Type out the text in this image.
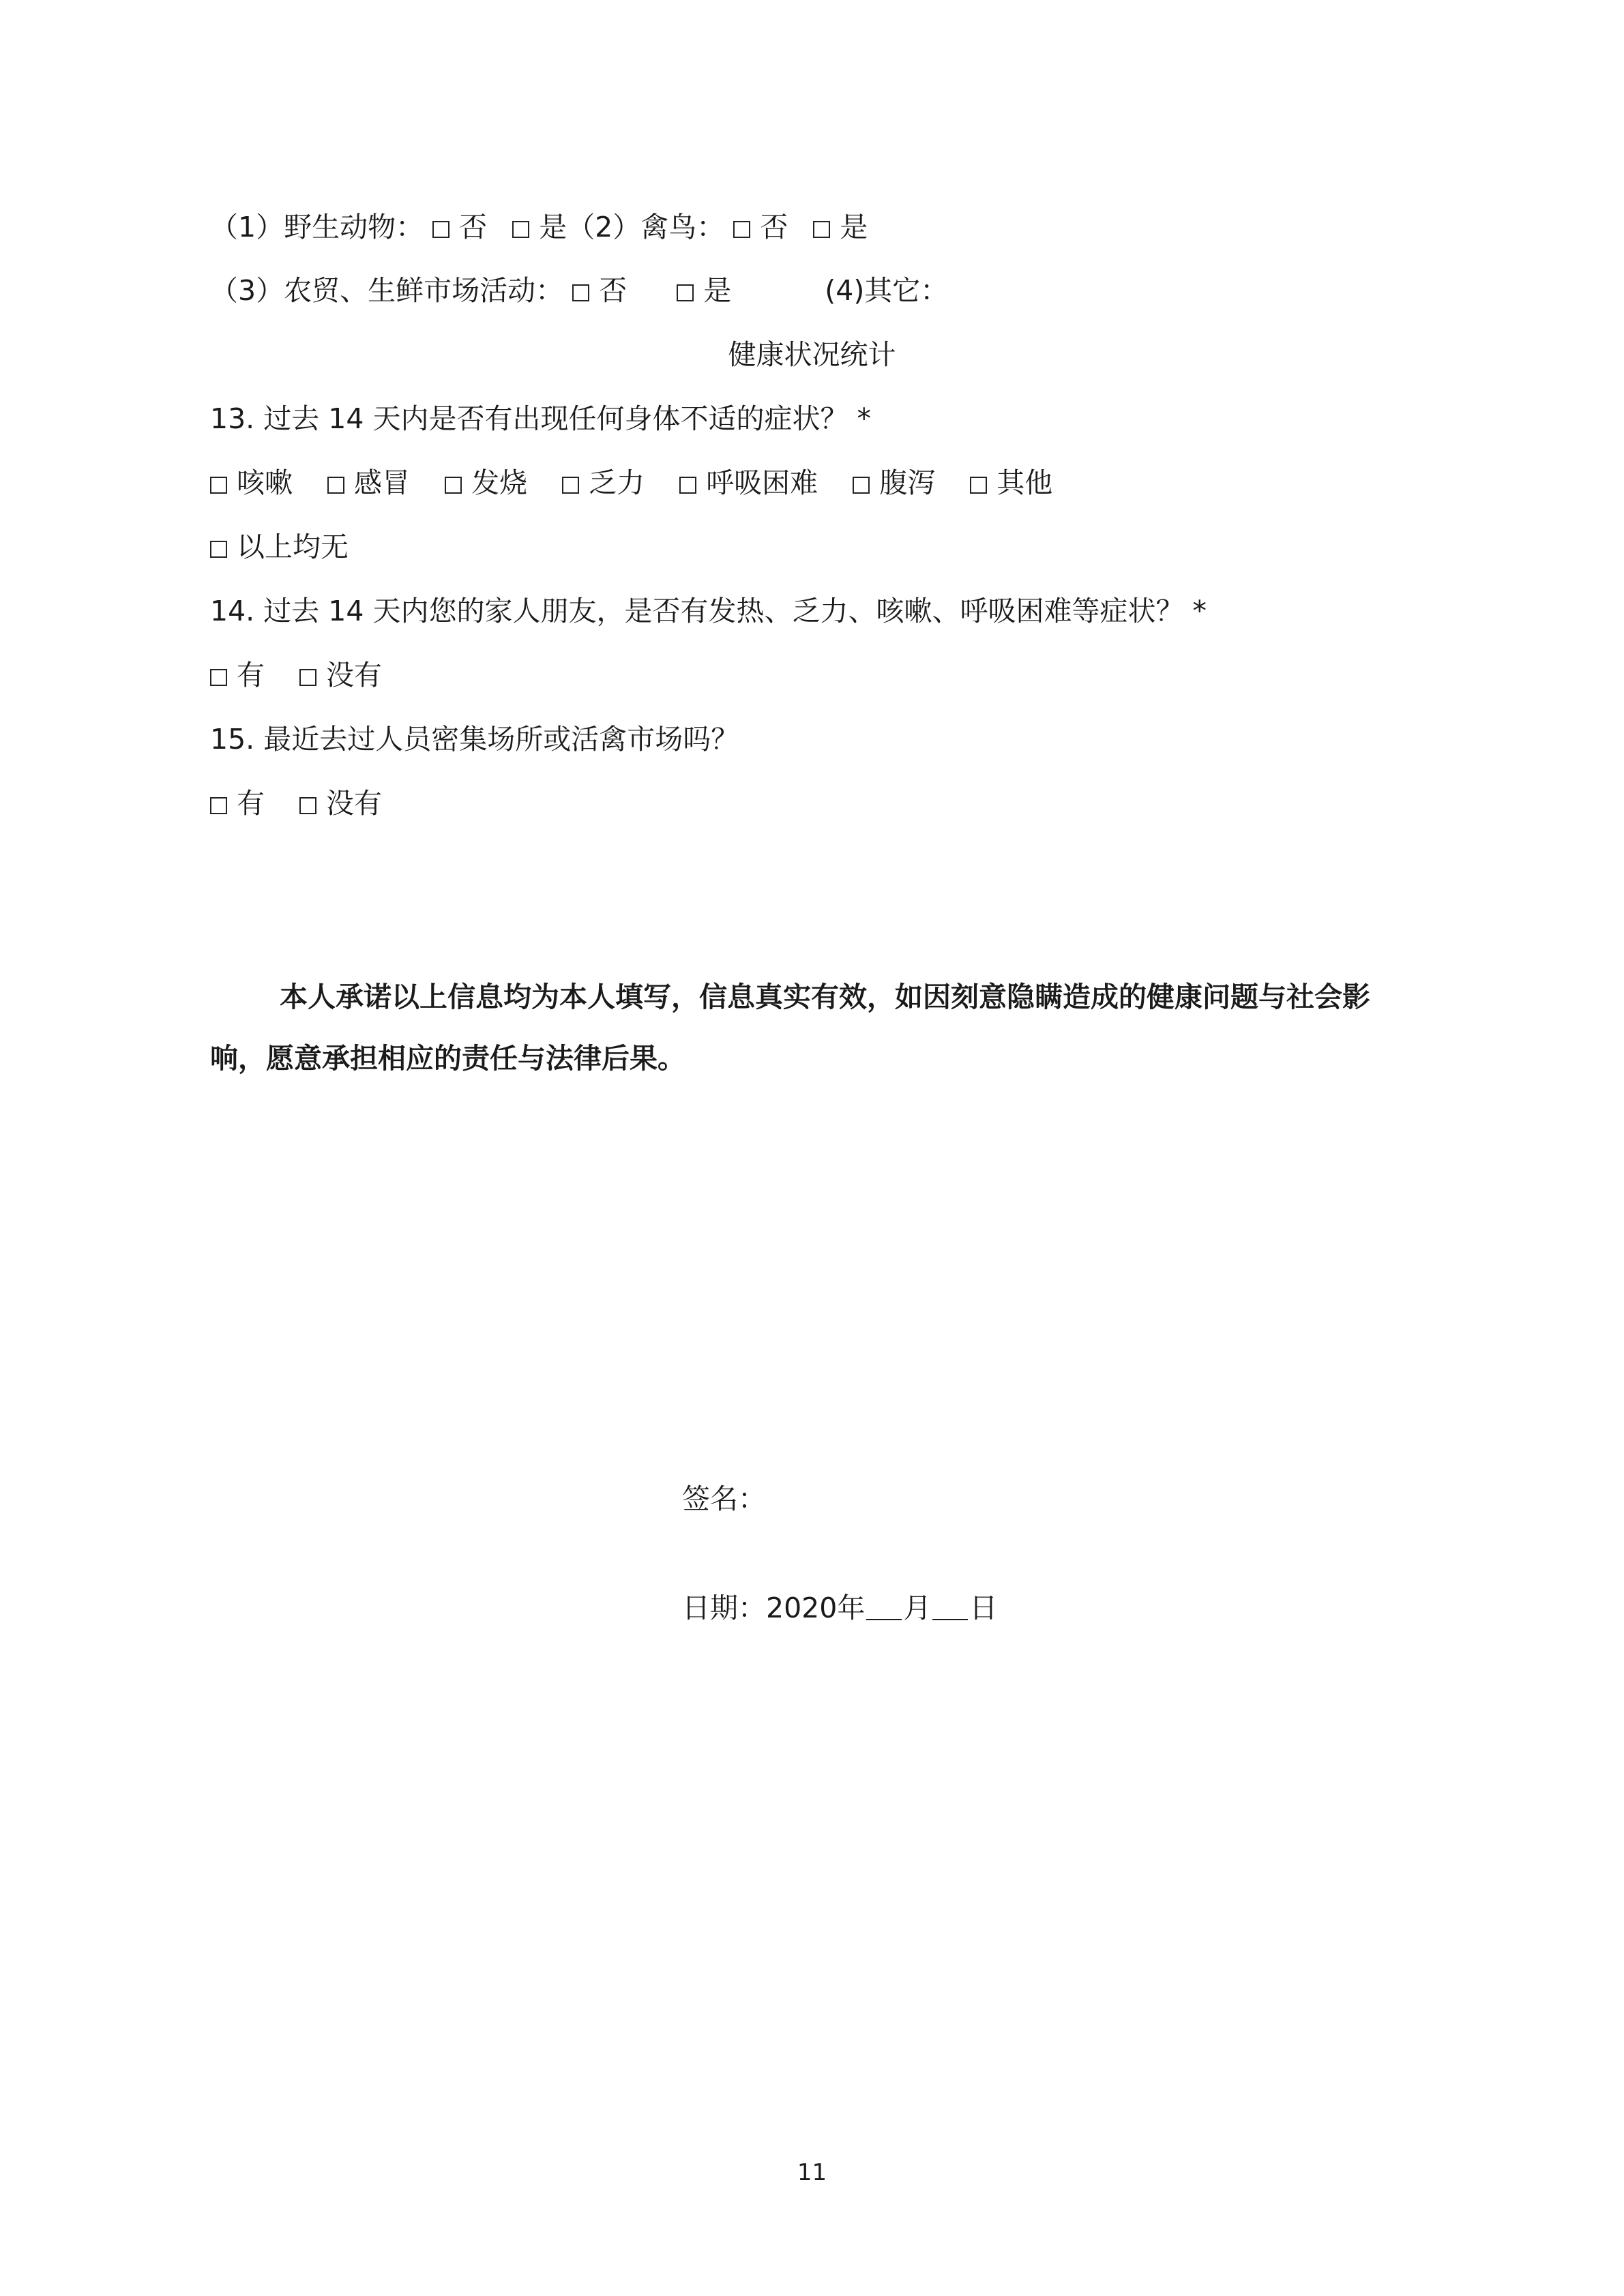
（1）野生动物： 否 是（2）禽鸟： 否 是
（3）农贸、生鲜市场活动： 否	是	(4)其它：
健康状况统计
13. 过去 14 天内是否有出现任何身体不适的症状？ *
咳嗽 感冒 发烧 乏力 呼吸困难 腹泻 其他
以上均无
14. 过去 14 天内您的家人朋友，是否有发热、乏力、咳嗽、呼吸困难等症状？ *
有 没有
15. 最近去过人员密集场所或活禽市场吗？
有 没有
本人承诺以上信息均为本人填写，信息真实有效，如因刻意隐瞒造成的健康问题与社会影
响，愿意承担相应的责任与法律后果。
签名：
日期：2020年 月 日
11
